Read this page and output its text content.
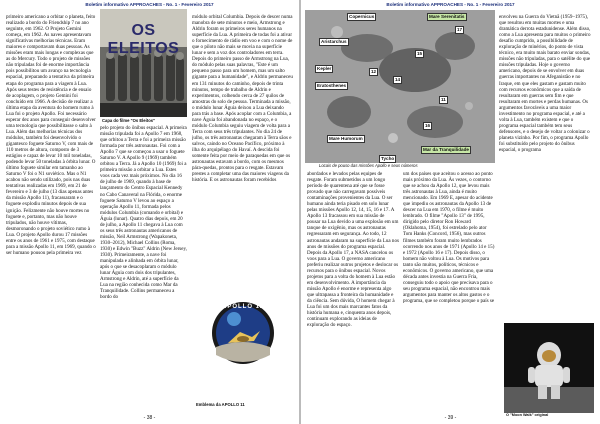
Boletim informativo APPROACHES - No. 1 - Fevereiro 2017
primeiro americano a orbitar o planeta, feito realizado a bordo do Friendship 7 no ano seguinte, em 1962. O Projeto Gemini começa, em 1962. As naves apresentavam significativas melhorias técnicas. Eram maiores e comportavam duas pessoas. As missões eram mais longas e complexas que as do Mercury. Todo o projeto de missões não tripuladas foi de enorme importância pois possibilitou um avanço na tecnologia espacial, preparando a tentativa da primeira etapa do programa para a viagem à Lua. Após seus testes de resistência e de ensaio de acoplagem, o projeto Gemini foi concluído em 1966. A decisão de realizar a última etapa da aventura do homem rumo à Lua foi o projeto Apollo. Foi necessário esperar dez anos para conseguir desenvolver uma tecnologia que possibilitasse o salto à Lua. Além das melhorias técnicas dos módulos, também foi desenvolvido o gigantesco foguete Saturno V, com mais de 110 metros de altura, composto de 3 estágios e capaz de levar 10 mil toneladas, podendo levar 50 toneladas à órbita lunar. O último foguete similar em tamanho ao Saturno V foi o N1 soviético. Mas o N1 acabou não sendo utilizado, pois nas duas tentativas realizadas em 1969, em 21 de fevereiro e 3 de julho (13 dias apenas antes da missão Apollo 11), fracassaram e o foguete explodiu minutos depois de sua ignição. Felizmente não houve mortes no foguete e, portanto, mas não houve tripulados, não houve vítimas, desmoronando o projeto soviético rumo à Lua. O projeto Apollo durou 17 missões entre os anos de 1961 e 1975, com destaque para a missão Apollo 11, em 1969, quando o ser humano pousou pela primeira vez
OS ELEITOS
Capa do filme "Os Eleitos"
pelo projeto do ônibus espacial. A primeira missão tripulada foi a Apollo 7 em 1968, que orbitou a Terra e foi a primeira missão formada por três astronautas. Foi com a Apollo 7 que se começou a usar o foguete Saturno V. A Apollo 9 (1969) também orbitou a Terra. Já a Apollo 10 (1969) foi a primeira missão a orbitar a Lua. Estes voos cada vez mais próximos. No dia 16 de julho de 1969, quando à base de lançamento do Centro Espacial Kennedy no Cabo Canaveral na Flórida, o enorme foguete Saturno V levou ao espaço a operação Apollo 11, formada pelos módulos Columbia (comando e orbital) e Águia (lunar). Quatro dias depois, em 20 de julho, a Apollo 11 chegava à Lua com os seus três astronautas americanos de missão, Neil Armstrong (Wapakoneta, 1930–2012), Michael Collins (Roma, 1930) e Edwin "Buzz" Aldrin (New Jersey, 1930). Primeiramente, a nave foi manipulada e alinhada em órbita lunar, após o que se desacoplaram o módulo lunar Águia com dois dos tripulantes, Armstrong e Aldrin, até a superfície da Lua na região conhecida como Mar da Tranquilidade. Collins permaneceu a bordo do
módulo orbital Columbia. Depois de descer numa manobra de sete minutos e meio, Armstrong e Aldrin foram os primeiros seres humanos na superfície da Lua. A primeira de todas foi a ativar o fornecimento de rádio em voo e com o nome de que o piloto não mais se movia na superfície lunar e sem a voz dos controladores em terra. Depois do primeiro passo de Armstrong na Lua, do módulo pelas suas palavras, "Este é um pequeno passo para um homem, mas um salto gigante para a humanidade", e Aldrin permaneceu em 131 minutos do caminho, depois de trinta minutos, tempo de trabalho de Aldrin e experimentos, colhendo cerca de 27 quilos de amostras do solo de pessoa. Terminada a missão, o módulo lunar Águia deixou a Lua deixando para trás a base. Após acoplar com a Columbia, a nave Águia foi abandonada no espaço, e o módulo Columbia seguiu viagem de volta para a Terra com seus três tripulantes. No dia 24 de julho, os três astronautas chegaram à Terra sãos e salvos, caindo no Oceano Pacífico, próximo à ilha do arquipélago do Havaí. A descida foi somente feita por meio de paraquedas em que os astronautas estavam a bordo, com os mesmos pára-quedas, prontos para o resgate. Estavam prestes a completar uma das maiores viagens da história. E os astronautas foram recebidos
APOLLO 11
Emblema da APOLLO 11
- 38 -
Boletim informativo APPROACHES - No. 1 - Fevereiro 2017
Copernicus
Aristarchus
Kepler
Eratosthenes
Mare Humorum
Tycho
Mare Serenitatis
Mar da Tranquilidade
17
11
14
12
15
16
Locais de pouso das missões Apollo e seus números
abordados e levados pelas equipes de resgate. Foram submetidos a um longo período de quarentena até que se fosse provado que não carregavam possíveis contaminações provenientes da Lua. O ser humano ainda teria pisado em solo lunar pelas missões Apollo 12, 14, 15, 16 e 17. A Apollo 13 fracassou em sua missão de pousar na Lua devido a uma explosão em um tanque de oxigênio, mas os astronautas regressaram em segurança. Ao todo, 12 astronautas andaram na superfície da Lua nos anos de missões do programa espacial. Depois da Apollo 17, a NASA cancelou os voos para a Lua. O governo americano preferiu realizar outros projetos e deslocar os recursos para o ônibus espacial. Novos projetos para a volta do homem à Lua estão em desenvolvimento. A importância da missão Apollo é enorme e representa algo que ultrapassa a fronteira da humanidade e da ciência. Sem dúvida, O homem chegar à Lua foi um dos mais marcantes fatos da história humana e, cinquenta anos depois, continuam explorando as ideias de exploração do espaço.
um dos países que aceitou o acesso ao ponto mais próximo da Lua. Às vezes, o contorno que se achou da Apollo 12, que levou mais três astronautas à Lua, ainda é muito mencionado. Em 1969 E, apesar do acidente que impediu os astronautas da Apollo 13 de descer na Lua em 1970, o filme é muito lembrado. O filme "Apollo 13" de 1995, dirigido pelo diretor Ron Howard (Oklahoma, 1954), foi estrelado pelo ator Tom Hanks (Concord, 1956), mas outros filmes também foram muito lembrados ocorrendo nos anos de 1971 (Apollo 14 e 15) e 1972 (Apollo 16 e 17). Depois disso, o homem não voltou à Lua. Os motivos para tanto são muitos, políticos, técnicos e econômicos. O governo americano, que uma década antes investia na Guerra Fria, conseguiu todo o apoio que precisava para o seu programa espacial, não encontrou mais argumentos para manter os altos gastos e o programa, que se completou porque o país se
envolveu na Guerra do Vietnã (1959–1975), que resultou em muitas mortes e uma dramática derrota estadunidense. Além disso, como a Lua apresenta para muitos o primeiro desafio cumprido, a possibilidade de exploração de minérios, do ponto de vista técnico, era muito mais barato enviar sondas, missões não tripuladas, para o satélite do que missões tripuladas. Hoje o governo americano, depois de se envolver em duas guerras importantes no Afeganistão e no Iraque, em que eles gastam e gastam muito com recursos econômicos que a saída de resultaram em guerras sem fim e que resultaram em mortes e perdas humanas. Os argumentos favoráveis a uma maior investimento no programa espacial, e até a volta à Lua, também existem e que o programa espacial também tem seus defensores, e o desejo de voltar a colonizar o planeta vizinho. Por fim, o programa Apollo foi substituído pelo projeto do ônibus espacial, o programa
O "Moon Walk" original
- 39 -
